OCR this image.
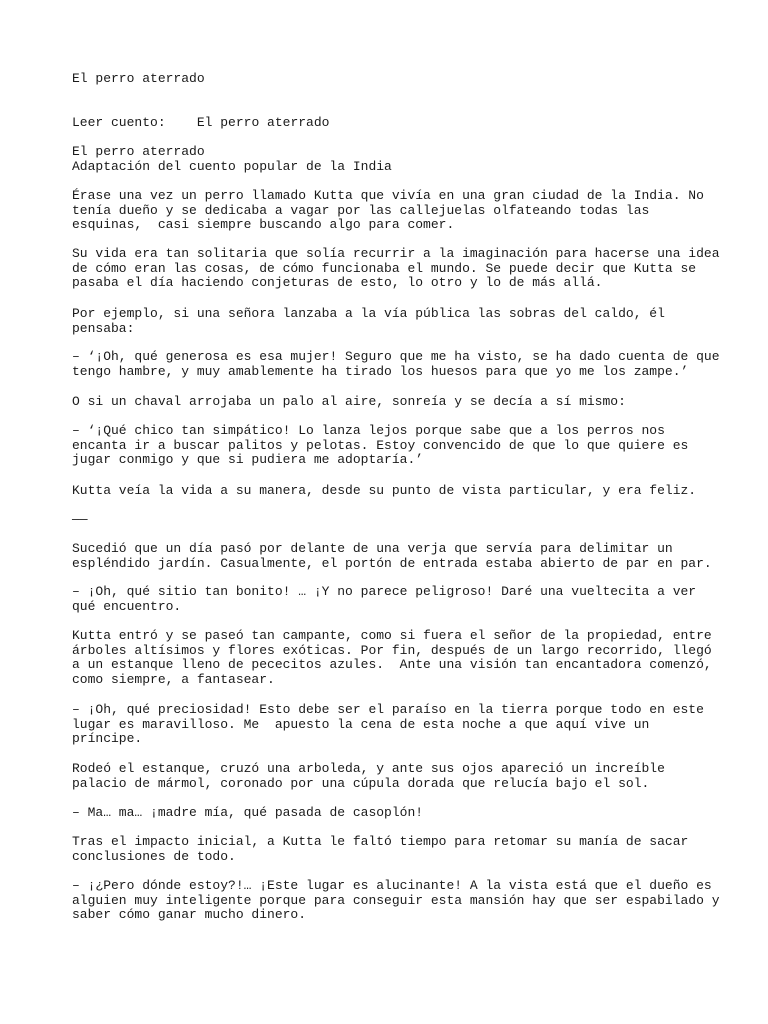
El perro aterrado
Leer cuento: El perro aterrado
El perro aterrado
Adaptación del cuento popular de la India
Érase una vez un perro llamado Kutta que vivía en una gran ciudad de la India. No
tenía dueño y se dedicaba a vagar por las callejuelas olfateando todas las
esquinas,  casi siempre buscando algo para comer.
Su vida era tan solitaria que solía recurrir a la imaginación para hacerse una idea
de cómo eran las cosas, de cómo funcionaba el mundo. Se puede decir que Kutta se
pasaba el día haciendo conjeturas de esto, lo otro y lo de más allá.
Por ejemplo, si una señora lanzaba a la vía pública las sobras del caldo, él
pensaba:
– ‘¡Oh, qué generosa es esa mujer! Seguro que me ha visto, se ha dado cuenta de que
tengo hambre, y muy amablemente ha tirado los huesos para que yo me los zampe.’
O si un chaval arrojaba un palo al aire, sonreía y se decía a sí mismo:
– ‘¡Qué chico tan simpático! Lo lanza lejos porque sabe que a los perros nos
encanta ir a buscar palitos y pelotas. Estoy convencido de que lo que quiere es
jugar conmigo y que si pudiera me adoptaría.’
Kutta veía la vida a su manera, desde su punto de vista particular, y era feliz.
——
Sucedió que un día pasó por delante de una verja que servía para delimitar un
espléndido jardín. Casualmente, el portón de entrada estaba abierto de par en par.
– ¡Oh, qué sitio tan bonito! … ¡Y no parece peligroso! Daré una vueltecita a ver
qué encuentro.
Kutta entró y se paseó tan campante, como si fuera el señor de la propiedad, entre
árboles altísimos y flores exóticas. Por fin, después de un largo recorrido, llegó
a un estanque lleno de pececitos azules.  Ante una visión tan encantadora comenzó,
como siempre, a fantasear.
– ¡Oh, qué preciosidad! Esto debe ser el paraíso en la tierra porque todo en este
lugar es maravilloso. Me  apuesto la cena de esta noche a que aquí vive un
príncipe.
Rodeó el estanque, cruzó una arboleda, y ante sus ojos apareció un increíble
palacio de mármol, coronado por una cúpula dorada que relucía bajo el sol.
– Ma… ma… ¡madre mía, qué pasada de casoplón!
Tras el impacto inicial, a Kutta le faltó tiempo para retomar su manía de sacar
conclusiones de todo.
– ¡¿Pero dónde estoy?!… ¡Este lugar es alucinante! A la vista está que el dueño es
alguien muy inteligente porque para conseguir esta mansión hay que ser espabilado y
saber cómo ganar mucho dinero.
